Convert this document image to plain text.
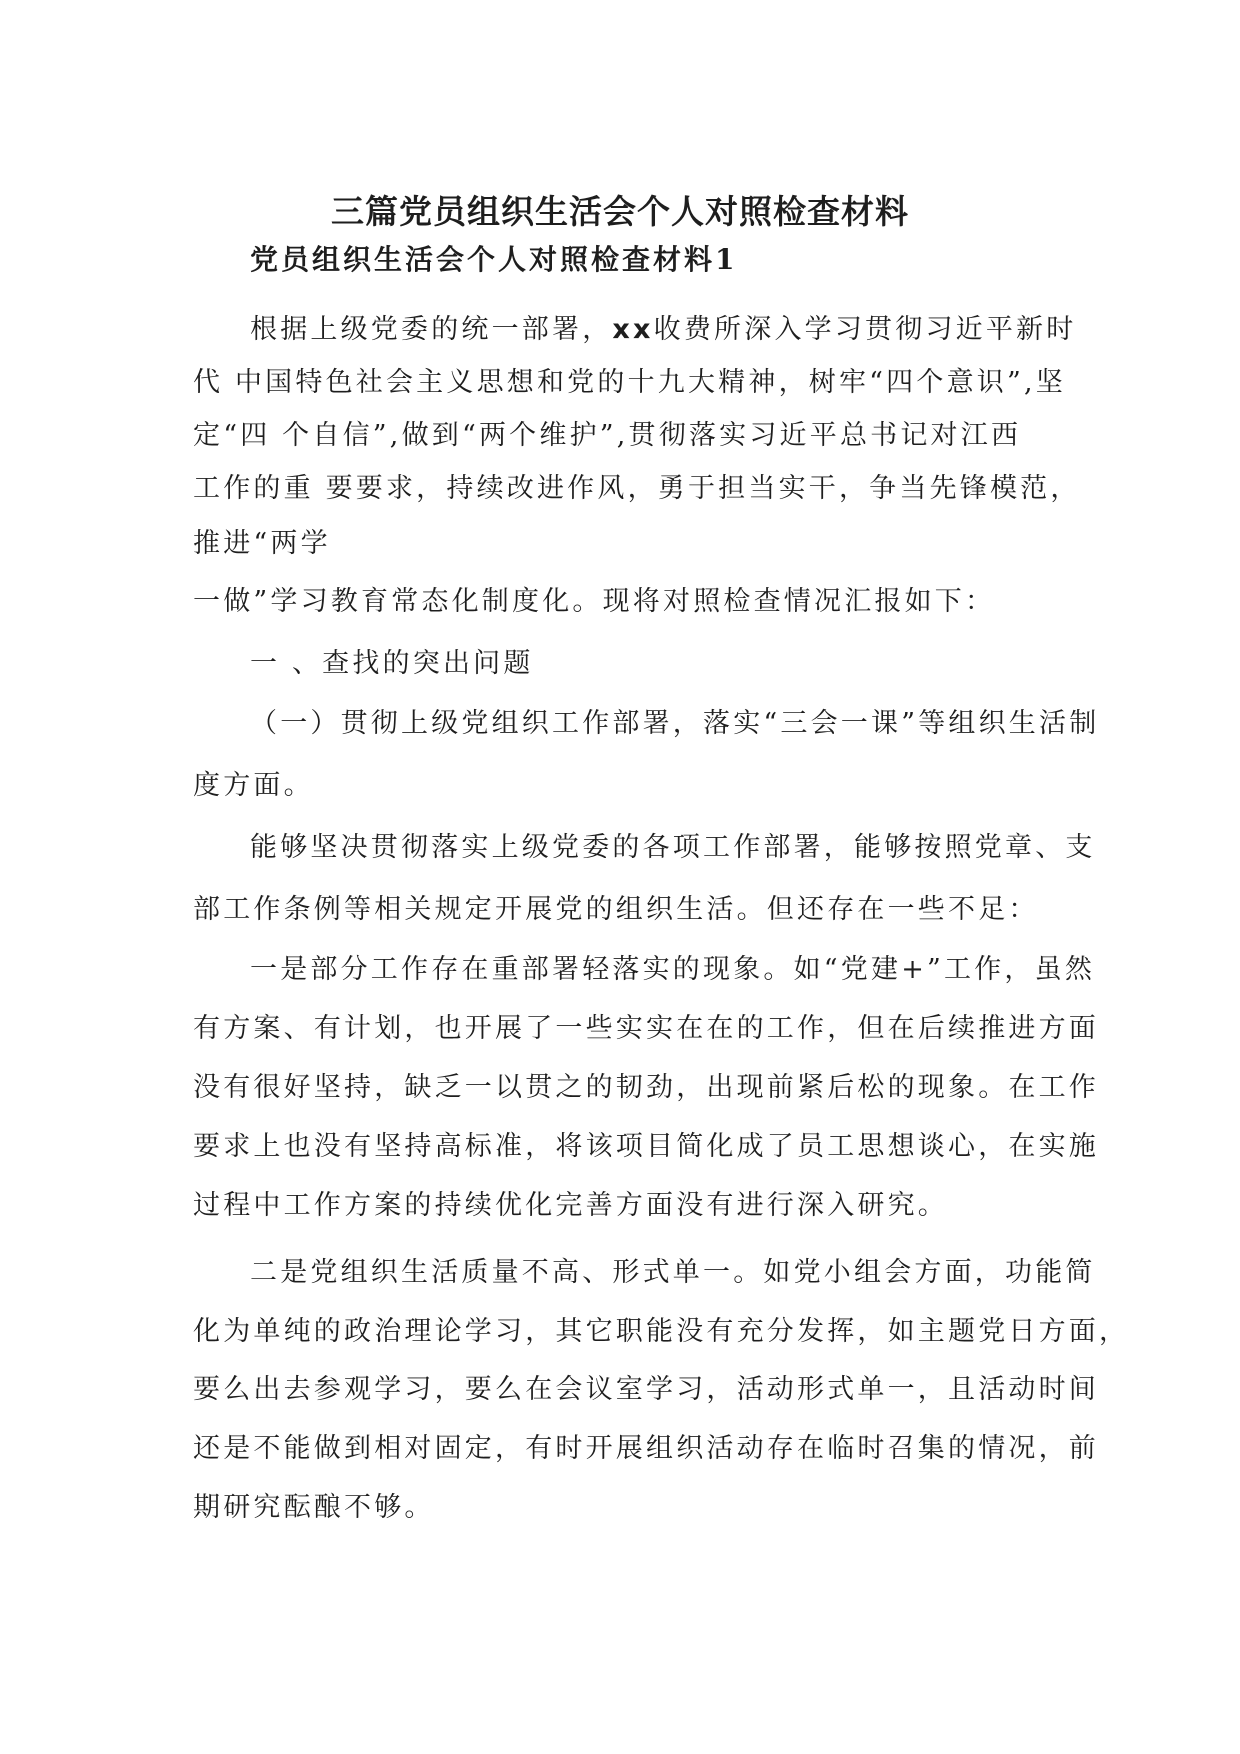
三篇党员组织生活会个人对照检查材料
党员组织生活会个人对照检查材料1
根据上级党委的统一部署，xx收费所深入学习贯彻习近平新时
代 中国特色社会主义思想和党的十九大精神，树牢“四个意识”,坚
定“四 个自信”,做到“两个维护”,贯彻落实习近平总书记对江西
工作的重 要要求，持续改进作风，勇于担当实干，争当先锋模范，
推进“两学
一做”学习教育常态化制度化。现将对照检查情况汇报如下：
一 、查找的突出问题
（一）贯彻上级党组织工作部署，落实“三会一课”等组织生活制
度方面。
能够坚决贯彻落实上级党委的各项工作部署，能够按照党章、支
部工作条例等相关规定开展党的组织生活。但还存在一些不足：
一是部分工作存在重部署轻落实的现象。如“党建+”工作，虽然
有方案、有计划，也开展了一些实实在在的工作，但在后续推进方面
没有很好坚持，缺乏一以贯之的韧劲，出现前紧后松的现象。在工作
要求上也没有坚持高标准，将该项目简化成了员工思想谈心，在实施
过程中工作方案的持续优化完善方面没有进行深入研究。
二是党组织生活质量不高、形式单一。如党小组会方面，功能简
化为单纯的政治理论学习，其它职能没有充分发挥，如主题党日方面，
要么出去参观学习，要么在会议室学习，活动形式单一，且活动时间
还是不能做到相对固定，有时开展组织活动存在临时召集的情况，前
期研究酝酿不够。
